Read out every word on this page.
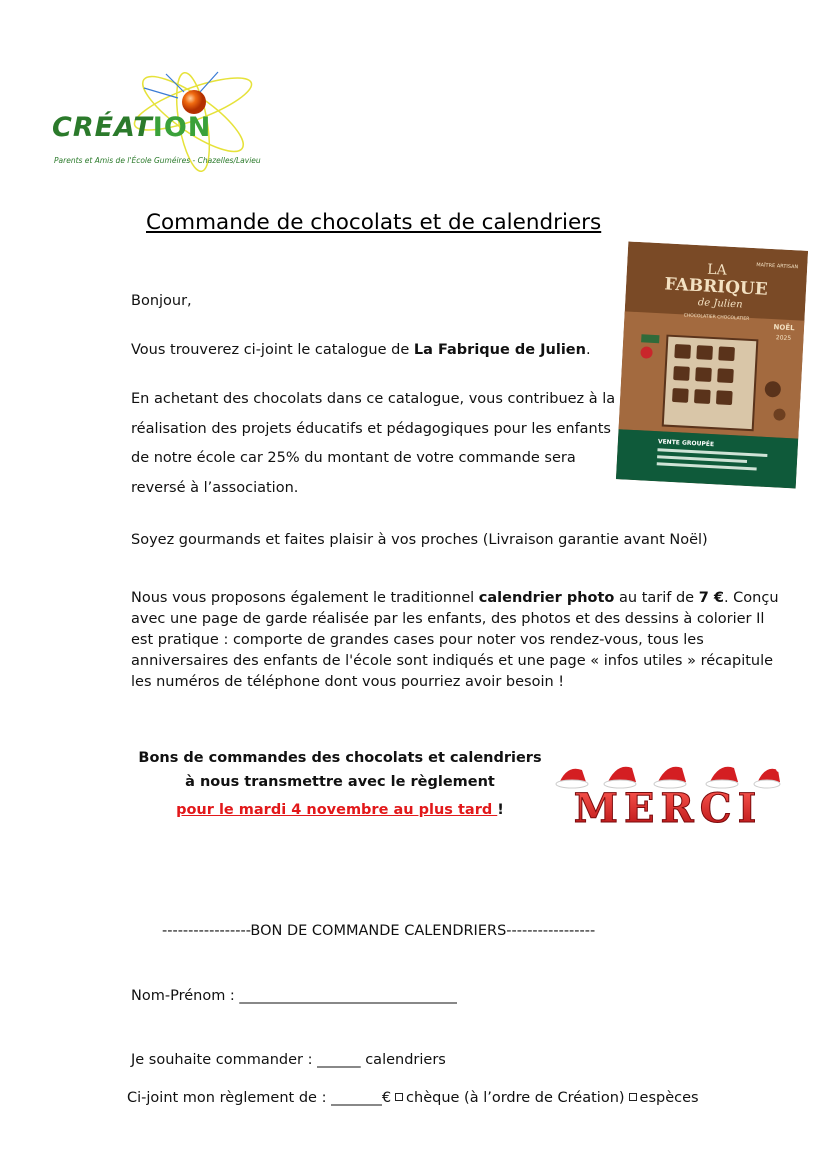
CRÉATION
Parents et Amis de l'École Guméires - Chazelles/Lavieu
Commande de chocolats et de calendriers
Bonjour,
Vous trouverez ci-joint le catalogue de La Fabrique de Julien.
En achetant des chocolats dans ce catalogue, vous contribuez à la
réalisation des projets éducatifs et pédagogiques pour les enfants
de notre école car 25% du montant de votre commande sera
reversé à l’association.
Soyez gourmands et faites plaisir à vos proches (Livraison garantie avant Noël)
Nous vous proposons également le traditionnel calendrier photo au tarif de 7 €. Conçu
avec une page de garde réalisée par les enfants, des photos et des dessins à colorier Il
est pratique : comporte de grandes cases pour noter vos rendez-vous, tous les
anniversaires des enfants de l'école sont indiqués et une page « infos utiles » récapitule
les numéros de téléphone dont vous pourriez avoir besoin !
LA
FABRIQUE
de Julien
MAÎTRE ARTISAN
CHOCOLATIER CHOCOLATIER
NOËL
2025
VENTE GROUPÉE
Bons de commandes des chocolats et calendriers
à nous transmettre avec le règlement
pour le mardi 4 novembre au plus tard !	MERCI
-----------------BON DE COMMANDE CALENDRIERS-----------------
Nom-Prénom : ______________________________
Je souhaite commander : ______ calendriers
Ci-joint mon règlement de : _______€ chèque (à l’ordre de Création) espèces
